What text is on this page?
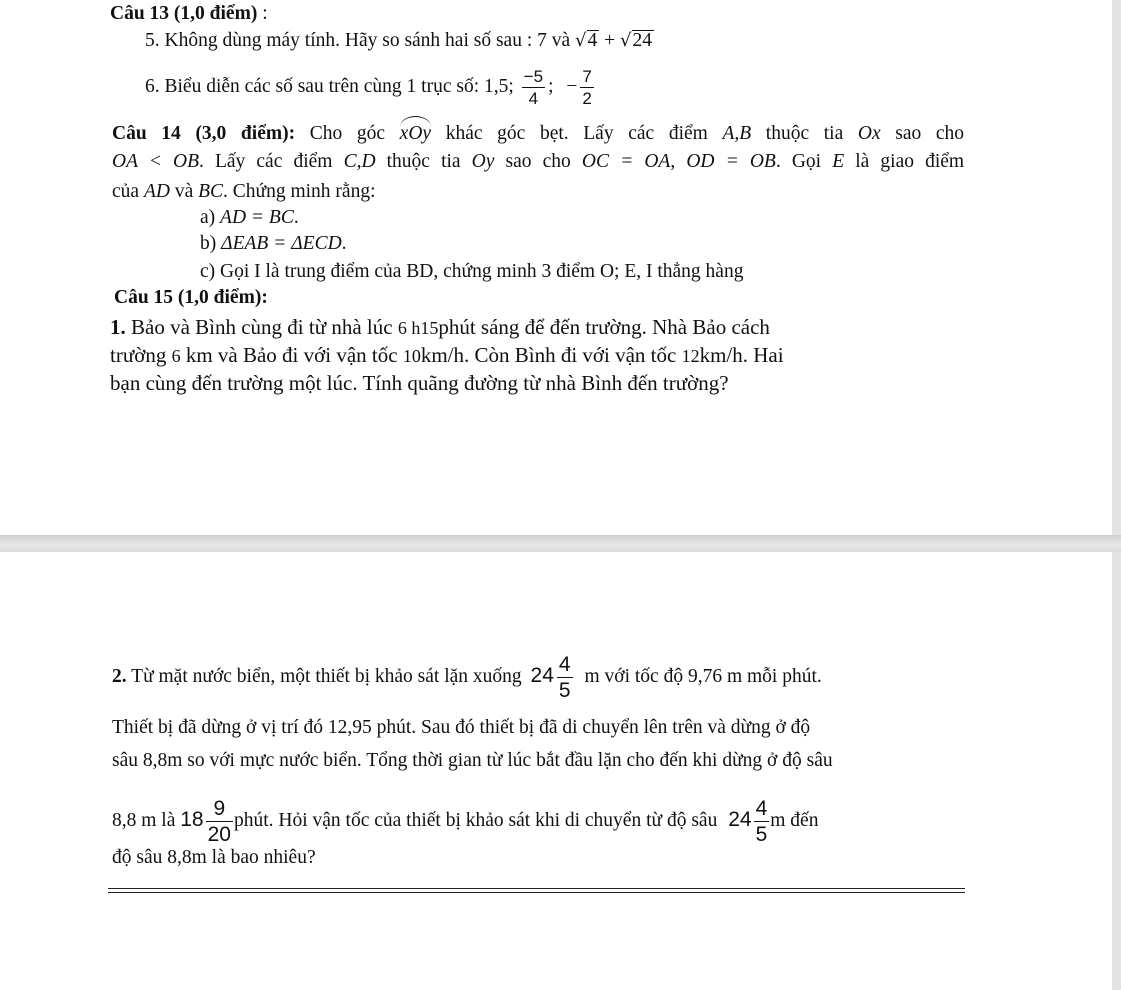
Câu 13 (1,0 điểm) :
5. Không dùng máy tính. Hãy so sánh hai số sau : 7 và √4 + √24
6. Biểu diễn các số sau trên cùng 1 trục số: 1,5; $\frac{-5}{4}$ ; − $\frac{7}{2}$
Câu 14 (3,0 điểm): Cho góc xOy khác góc bẹt. Lấy các điểm A,B thuộc tia Ox sao cho
OA < OB. Lấy các điểm C,D thuộc tia Oy sao cho OC = OA, OD = OB. Gọi E là giao điểm
của AD và BC. Chứng minh rằng:
a) AD = BC.
b) ΔEAB = ΔECD.
c) Gọi I là trung điểm của BD, chứng minh 3 điểm O; E, I thẳng hàng
Câu 15 (1,0 điểm):
1. Bảo và Bình cùng đi từ nhà lúc 6 h15phút sáng để đến trường. Nhà Bảo cách
trường 6 km và Bảo đi với vận tốc 10km/h. Còn Bình đi với vận tốc 12km/h. Hai
bạn cùng đến trường một lúc. Tính quãng đường từ nhà Bình đến trường?
2. Từ mặt nước biển, một thiết bị khảo sát lặn xuống $24 \frac{4}{5}$ m với tốc độ 9,76 m mỗi phút.
Thiết bị đã dừng ở vị trí đó 12,95 phút. Sau đó thiết bị đã di chuyển lên trên và dừng ở độ
sâu 8,8m so với mực nước biển. Tổng thời gian từ lúc bắt đầu lặn cho đến khi dừng ở độ sâu
8,8 m là $18 \frac{9}{20}$ phút. Hỏi vận tốc của thiết bị khảo sát khi di chuyển từ độ sâu $24 \frac{4}{5}$ m đến
độ sâu 8,8m là bao nhiêu?
